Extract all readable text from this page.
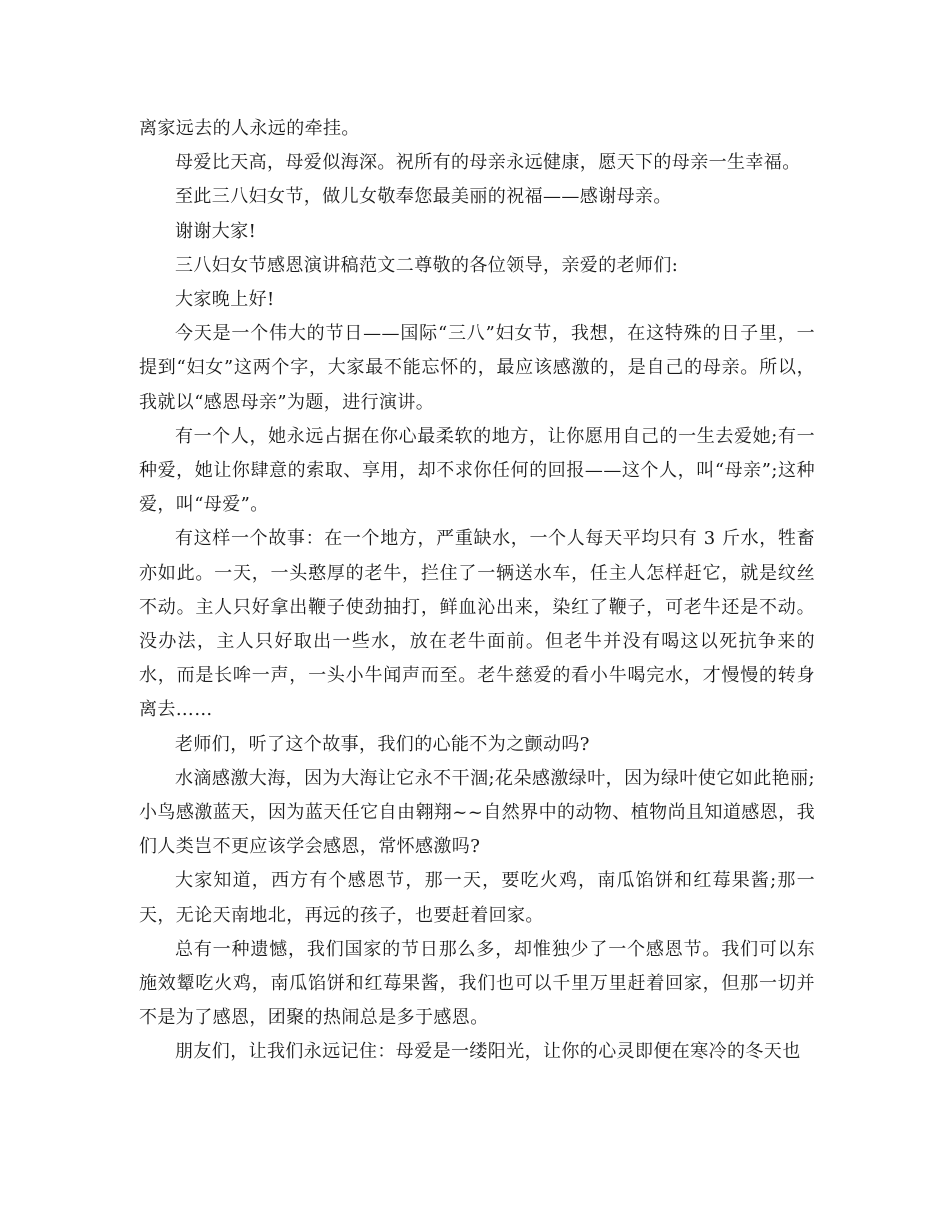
离家远去的人永远的牵挂。

母爱比天高，母爱似海深。祝所有的母亲永远健康，愿天下的母亲一生幸福。

至此三八妇女节，做儿女敬奉您最美丽的祝福——感谢母亲。

谢谢大家!

三八妇女节感恩演讲稿范文二尊敬的各位领导，亲爱的老师们:

大家晚上好!

今天是一个伟大的节日——国际“三八”妇女节，我想，在这特殊的日子里，一提到“妇女”这两个字，大家最不能忘怀的，最应该感激的，是自己的母亲。所以，我就以“感恩母亲”为题，进行演讲。

有一个人，她永远占据在你心最柔软的地方，让你愿用自己的一生去爱她;有一种爱，她让你肆意的索取、享用，却不求你任何的回报——这个人，叫“母亲”;这种爱，叫“母爱”。

有这样一个故事：在一个地方，严重缺水，一个人每天平均只有 3 斤水，牲畜亦如此。一天，一头憨厚的老牛，拦住了一辆送水车，任主人怎样赶它，就是纹丝不动。主人只好拿出鞭子使劲抽打，鲜血沁出来，染红了鞭子，可老牛还是不动。没办法，主人只好取出一些水，放在老牛面前。但老牛并没有喝这以死抗争来的水，而是长哞一声，一头小牛闻声而至。老牛慈爱的看小牛喝完水，才慢慢的转身离去……

老师们，听了这个故事，我们的心能不为之颤动吗?

水滴感激大海，因为大海让它永不干涸;花朵感激绿叶，因为绿叶使它如此艳丽;小鸟感激蓝天，因为蓝天任它自由翱翔~~自然界中的动物、植物尚且知道感恩，我们人类岂不更应该学会感恩，常怀感激吗?

大家知道，西方有个感恩节，那一天，要吃火鸡，南瓜馅饼和红莓果酱;那一天，无论天南地北，再远的孩子，也要赶着回家。

总有一种遗憾，我们国家的节日那么多，却惟独少了一个感恩节。我们可以东施效颦吃火鸡，南瓜馅饼和红莓果酱，我们也可以千里万里赶着回家，但那一切并不是为了感恩，团聚的热闹总是多于感恩。

朋友们，让我们永远记住：母爱是一缕阳光，让你的心灵即便在寒冷的冬天也
